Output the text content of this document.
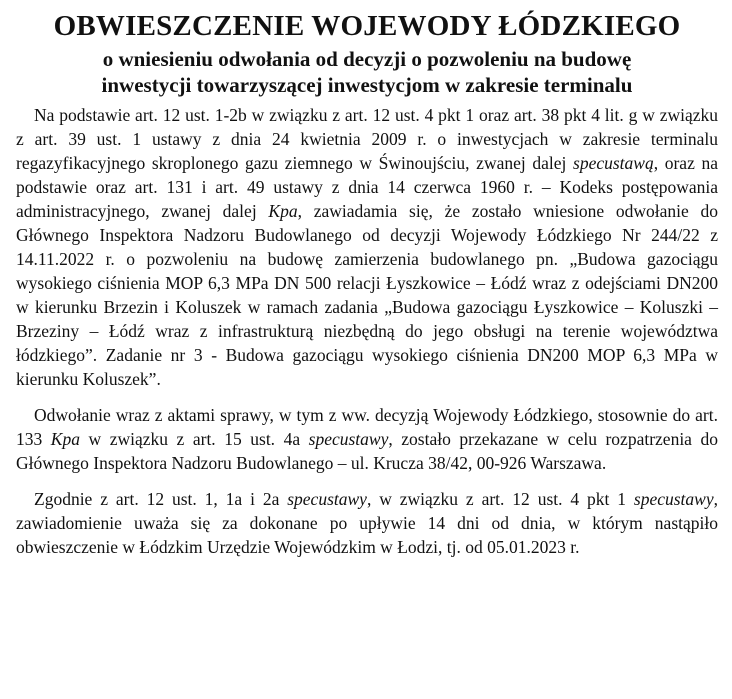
OBWIESZCZENIE WOJEWODY ŁÓDZKIEGO
o wniesieniu odwołania od decyzji o pozwoleniu na budowę
inwestycji towarzyszącej inwestycjom w zakresie terminalu

Na podstawie art. 12 ust. 1-2b w związku z art. 12 ust. 4 pkt 1 oraz art. 38 pkt 4 lit. g w związku z art. 39 ust. 1 ustawy z dnia 24 kwietnia 2009 r. o inwestycjach w zakresie terminalu regazyfikacyjnego skroplonego gazu ziemnego w Świnoujściu, zwanej dalej specustawą, oraz na podstawie oraz art. 131 i art. 49 ustawy z dnia 14 czerwca 1960 r. – Kodeks postępowania administracyjnego, zwanej dalej Kpa, zawiadamia się, że zostało wniesione odwołanie do Głównego Inspektora Nadzoru Budowlanego od decyzji Wojewody Łódzkiego Nr 244/22 z 14.11.2022 r. o pozwoleniu na budowę zamierzenia budowlanego pn. „Budowa gazociągu wysokiego ciśnienia MOP 6,3 MPa DN 500 relacji Łyszkowice – Łódź wraz z odejściami DN200 w kierunku Brzezin i Koluszek w ramach zadania „Budowa gazociągu Łyszkowice – Koluszki – Brzeziny – Łódź wraz z infrastrukturą niezbędną do jego obsługi na terenie województwa łódzkiego”. Zadanie nr 3 - Budowa gazociągu wysokiego ciśnienia DN200 MOP 6,3 MPa w kierunku Koluszek”.

Odwołanie wraz z aktami sprawy, w tym z ww. decyzją Wojewody Łódzkiego, stosownie do art. 133 Kpa w związku z art. 15 ust. 4a specustawy, zostało przekazane w celu rozpatrzenia do Głównego Inspektora Nadzoru Budowlanego – ul. Krucza 38/42, 00-926 Warszawa.

Zgodnie z art. 12 ust. 1, 1a i 2a specustawy, w związku z art. 12 ust. 4 pkt 1 specustawy, zawiadomienie uważa się za dokonane po upływie 14 dni od dnia, w którym nastąpiło obwieszczenie w Łódzkim Urzędzie Wojewódzkim w Łodzi, tj. od 05.01.2023 r.
